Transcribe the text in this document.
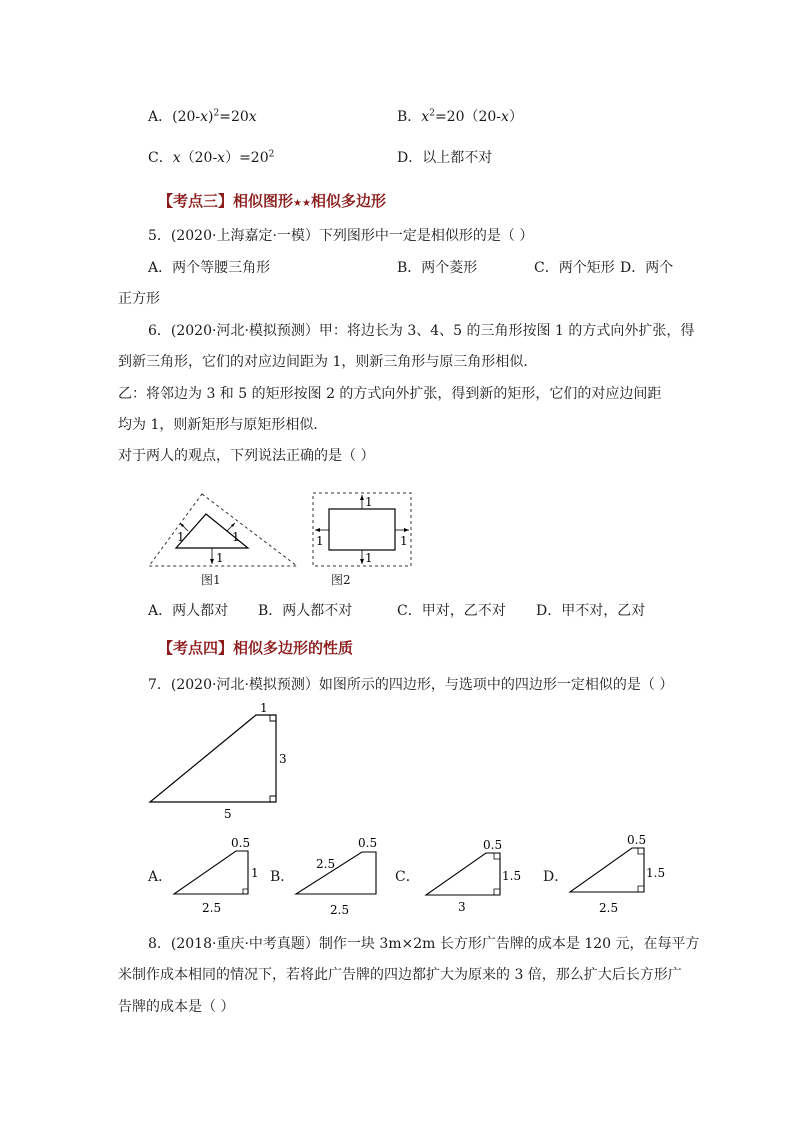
A．$(20-x)^2=20x$	B．$x^2=20(20-x)$
C．$x(20-x)=20^2$	D．以上都不对
【考点三】相似图形★★相似多边形
5．(2020·上海嘉定·一模）下列图形中一定是相似形的是（ ）
A．两个等腰三角形	B．两个菱形	C．两个矩形 D．两个
正方形
6．(2020·河北·模拟预测）甲：将边长为 3、4、5 的三角形按图 1 的方式向外扩张，得
到新三角形，它们的对应边间距为 1，则新三角形与原三角形相似．
乙：将邻边为 3 和 5 的矩形按图 2 的方式向外扩张，得到新的矩形，它们的对应边间距
均为 1，则新矩形与原矩形相似．
对于两人的观点，下列说法正确的是（ ）
1	1
1
图1
1
1
1	1
图2
A．两人都对 B．两人都不对	C．甲对，乙不对 D．甲不对，乙对
【考点四】相似多边形的性质
7．(2020·河北·模拟预测）如图所示的四边形，与选项中的四边形一定相似的是（ ）
1
3
5
A．
0.5
1
2.5
B．
0.5
2.5
2.5
C．
0.5
1.5
3
D．
0.5
1.5
2.5
8．(2018·重庆·中考真题）制作一块 3m×2m 长方形广告牌的成本是 120 元，在每平方
米制作成本相同的情况下，若将此广告牌的四边都扩大为原来的 3 倍，那么扩大后长方形广
告牌的成本是（ ）
